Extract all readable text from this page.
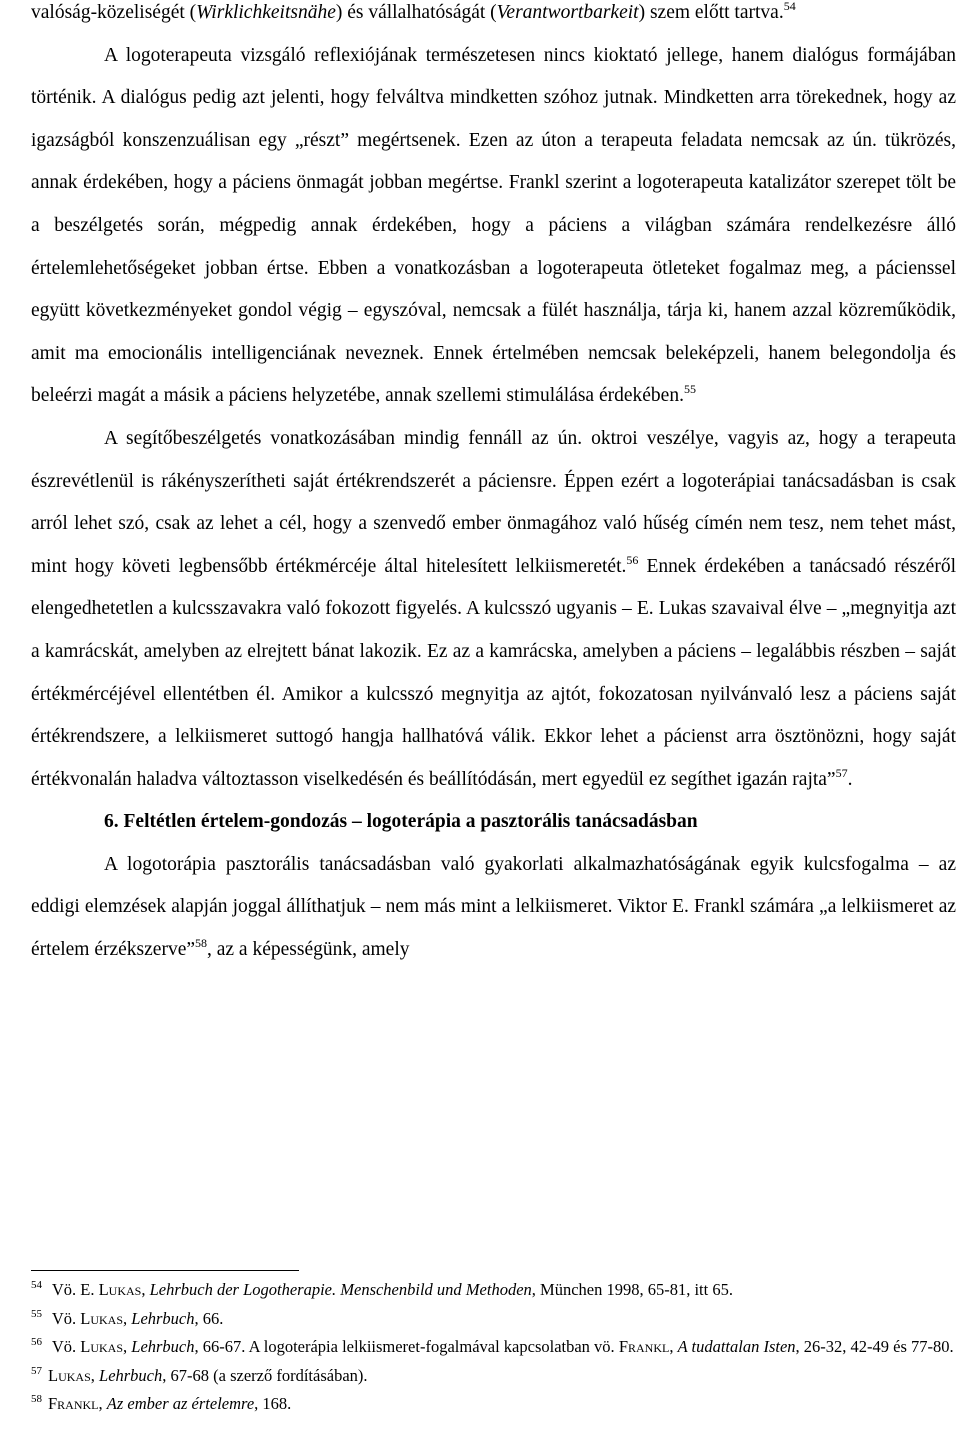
valóság-közeliségét (Wirklichkeitsnähe) és vállalhatóságát (Verantwortbarkeit) szem előtt tartva.$^{54}$

A logoterapeuta vizsgáló reflexiójának természetesen nincs kioktató jellege, hanem dialógus formájában történik. A dialógus pedig azt jelenti, hogy felváltva mindketten szóhoz jutnak. Mindketten arra törekednek, hogy az igazságból konszenzuálisan egy „részt” megértsenek. Ezen az úton a terapeuta feladata nemcsak az ún. tükrözés, annak érdekében, hogy a páciens önmagát jobban megértse. Frankl szerint a logoterapeuta katalizátor szerepet tölt be a beszélgetés során, mégpedig annak érdekében, hogy a páciens a világban számára rendelkezésre álló értelemlehetőségeket jobban értse. Ebben a vonatkozásban a logoterapeuta ötleteket fogalmaz meg, a pácienssel együtt következményeket gondol végig – egyszóval, nemcsak a fülét használja, tárja ki, hanem azzal közreműködik, amit ma emocionális intelligenciának neveznek. Ennek értelmében nemcsak beleképzeli, hanem belegondolja és beleérzi magát a másik a páciens helyzetébe, annak szellemi stimulálása érdekében.$^{55}$

A segítőbeszélgetés vonatkozásában mindig fennáll az ún. oktroi veszélye, vagyis az, hogy a terapeuta észrevétlenül is rákényszerítheti saját értékrendszerét a páciensre. Éppen ezért a logoterápiai tanácsadásban is csak arról lehet szó, csak az lehet a cél, hogy a szenvedő ember önmagához való hűség címén nem tesz, nem tehet mást, mint hogy követi legbensőbb értékmércéje által hitelesített lelkiismeretét.$^{56}$ Ennek érdekében a tanácsadó részéről elengedhetetlen a kulcsszavakra való fokozott figyelés. A kulcsszó ugyanis – E. Lukas szavaival élve – „megnyitja azt a kamrácskát, amelyben az elrejtett bánat lakozik. Ez az a kamrácska, amelyben a páciens – legalábbis részben – saját értékmércéjével ellentétben él. Amikor a kulcsszó megnyitja az ajtót, fokozatosan nyilvánvaló lesz a páciens saját értékrendszere, a lelkiismeret suttogó hangja hallhatóvá válik. Ekkor lehet a pácienst arra ösztönözni, hogy saját értékvonalán haladva változtasson viselkedésén és beállítódásán, mert egyedül ez segíthet igazán rajta”$^{57}$.

6. Feltétlen értelem-gondozás – logoterápia a pasztorális tanácsadásban

A logotorápia pasztorális tanácsadásban való gyakorlati alkalmazhatóságának egyik kulcsfogalma – az eddigi elemzések alapján joggal állíthatjuk – nem más mint a lelkiismeret. Viktor E. Frankl számára „a lelkiismeret az értelem érzékszerve”$^{58}$, az a képességünk, amely

$^{54}$ Vö. E. Lukas, Lehrbuch der Logotherapie. Menschenbild und Methoden, München 1998, 65-81, itt 65.

$^{55}$ Vö. Lukas, Lehrbuch, 66.

$^{56}$ Vö. Lukas, Lehrbuch, 66-67. A logoterápia lelkiismeret-fogalmával kapcsolatban vö. Frankl, A tudattalan Isten, 26-32, 42-49 és 77-80.

$^{57}$ Lukas, Lehrbuch, 67-68 (a szerző fordításában).

$^{58}$ Frankl, Az ember az értelemre, 168.
